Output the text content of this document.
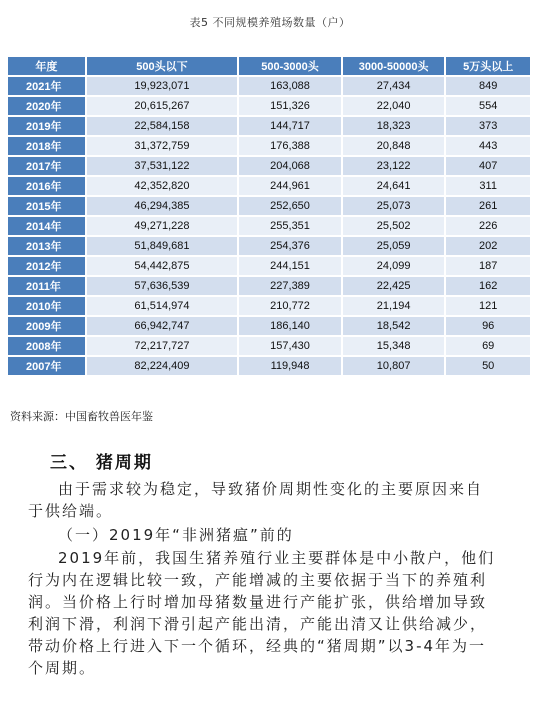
表5 不同规模养殖场数量（户）
年度	500头以下	500-3000头	3000-50000头	5万头以上
2021年	19,923,071	163,088	27,434	849
2020年	20,615,267	151,326	22,040	554
2019年	22,584,158	144,717	18,323	373
2018年	31,372,759	176,388	20,848	443
2017年	37,531,122	204,068	23,122	407
2016年	42,352,820	244,961	24,641	311
2015年	46,294,385	252,650	25,073	261
2014年	49,271,228	255,351	25,502	226
2013年	51,849,681	254,376	25,059	202
2012年	54,442,875	244,151	24,099	187
2011年	57,636,539	227,389	22,425	162
2010年	61,514,974	210,772	21,194	121
2009年	66,942,747	186,140	18,542	96
2008年	72,217,727	157,430	15,348	69
2007年	82,224,409	119,948	10,807	50
资料来源：中国畜牧兽医年鉴
三、 猪周期

由于需求较为稳定，导致猪价周期性变化的主要原因来自于供给端。

（一）2019年“非洲猪瘟”前的

2019年前，我国生猪养殖行业主要群体是中小散户，他们行为内在逻辑比较一致，产能增减的主要依据于当下的养殖利润。当价格上行时增加母猪数量进行产能扩张，供给增加导致利润下滑，利润下滑引起产能出清，产能出清又让供给减少，带动价格上行进入下一个循环，经典的“猪周期”以3-4年为一个周期。
